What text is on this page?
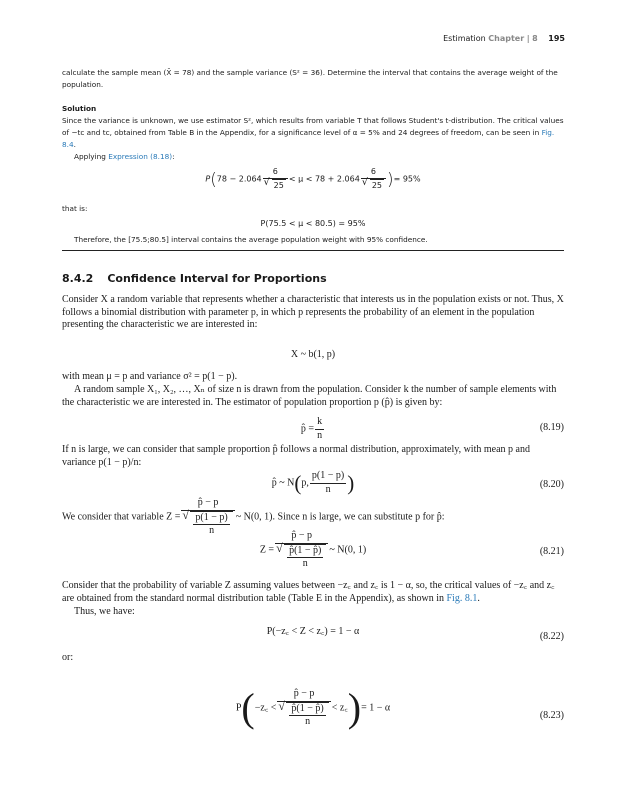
Estimation Chapter | 8 195
calculate the sample mean (X̄ = 78) and the sample variance (S² = 36). Determine the interval that contains the average weight of the population.
Solution
Since the variance is unknown, we use estimator S², which results from variable T that follows Student's t-distribution. The critical values of −tc and tc, obtained from Table B in the Appendix, for a significance level of α = 5% and 24 degrees of freedom, can be seen in Fig. 8.4.
Applying Expression (8.18):
P(78 − 2.064 6
√ 25 < μ < 78 + 2.064 6
√ 25 )= 95%
that is:
P(75.5 < μ < 80.5) = 95%
Therefore, the [75.5;80.5] interval contains the average population weight with 95% confidence.
8.4.2 Confidence Interval for Proportions
Consider X a random variable that represents whether a characteristic that interests us in the population exists or not. Thus, X follows a binomial distribution with parameter p, in which p represents the probability of an element in the population presenting the characteristic we are interested in:
X ~ b(1, p)
with mean μ = p and variance σ² = p(1 − p).
A random sample X₁, X₂, …, Xₙ of size n is drawn from the population. Consider k the number of sample elements with the characteristic we are interested in. The estimator of population proportion p (p̂) is given by:
p̂ = $\frac{k}{n}$	(8.19)
If n is large, we can consider that sample proportion p̂ follows a normal distribution, approximately, with mean p and variance p(1 − p)/n:
p̂ ~ N(p, $\frac{p(1 - p)}{n}$ )	(8.20)
We consider that variable Z = p̂ − p
√ $\frac{p(1 - p)}{n}$ ~ N(0, 1). Since n is large, we can substitute p for p̂:
Z = p̂ − p
√ $\frac{p̂(1 - p̂)}{n}$ ~ N(0, 1)	(8.21)
Consider that the probability of variable Z assuming values between −z꜀ and z꜀ is 1 − α, so, the critical values of −z꜀ and z꜀ are obtained from the standard normal distribution table (Table E in the Appendix), as shown in Fig. 8.1.
Thus, we have:
P(−z꜀ < Z < z꜀) = 1 − α	(8.22)
or:
P(−z꜀ < p̂ − p
√ $\frac{p̂(1 - p̂)}{n}$ < z꜀)= 1 − α
(8.23)
